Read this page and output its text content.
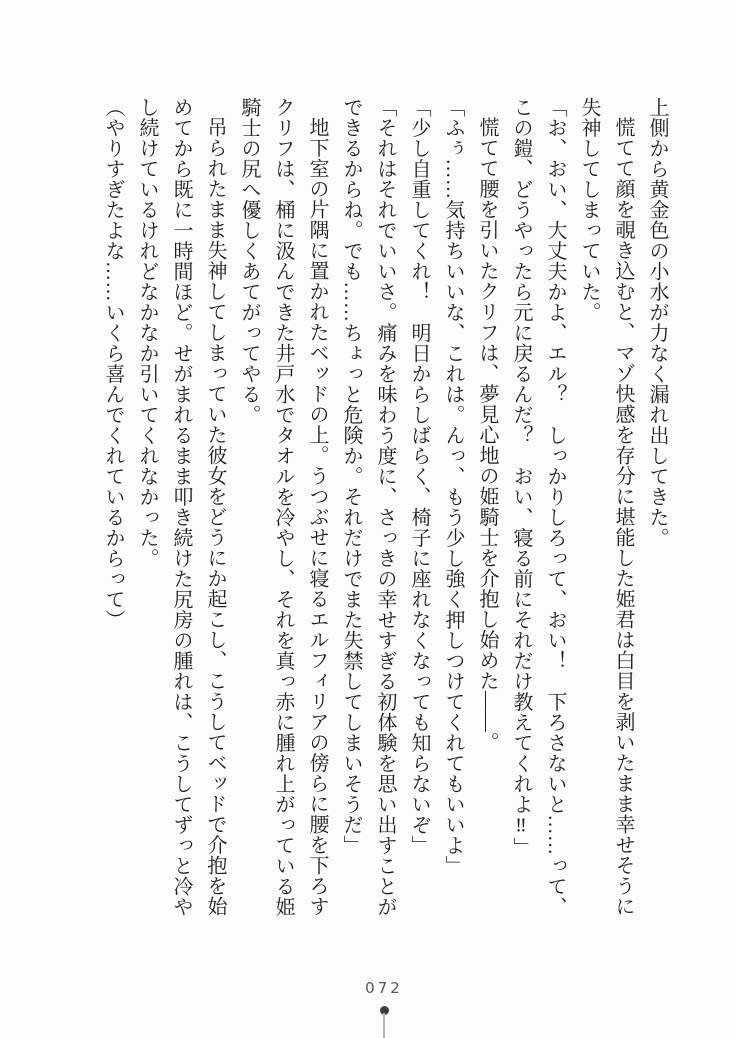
上側から黄金色の小水が力なく漏れ出してきた。

慌てて顔を覗き込むと、マゾ快感を存分に堪能した姫君は白目を剥いたまま幸せそうに失神してしまっていた。

「お、おい、大丈夫かよ、エル？　しっかりしろって、おい！　下ろさないと……って、この鎧、どうやったら元に戻るんだ？　おい、寝る前にそれだけ教えてくれよ‼」

慌てて腰を引いたクリフは、夢見心地の姫騎士を介抱し始めた――。

「ふぅ……気持ちいいな、これは。んっ、もう少し強く押しつけてくれてもいいよ」

「少し自重してくれ！　明日からしばらく、椅子に座れなくなっても知らないぞ」

「それはそれでいいさ。痛みを味わう度に、さっきの幸せすぎる初体験を思い出すことができるからね。でも……ちょっと危険か。それだけでまた失禁してしまいそうだ」

地下室の片隅に置かれたベッドの上。うつぶせに寝るエルフィリアの傍らに腰を下ろすクリフは、桶に汲んできた井戸水でタオルを冷やし、それを真っ赤に腫れ上がっている姫騎士の尻へ優しくあてがってやる。

吊られたまま失神してしまっていた彼女をどうにか起こし、こうしてベッドで介抱を始めてから既に一時間ほど。せがまれるまま叩き続けた尻房の腫れは、こうしてずっと冷やし続けているけれどなかなか引いてくれなかった。

（やりすぎたよな……いくら喜んでくれているからって）

072
